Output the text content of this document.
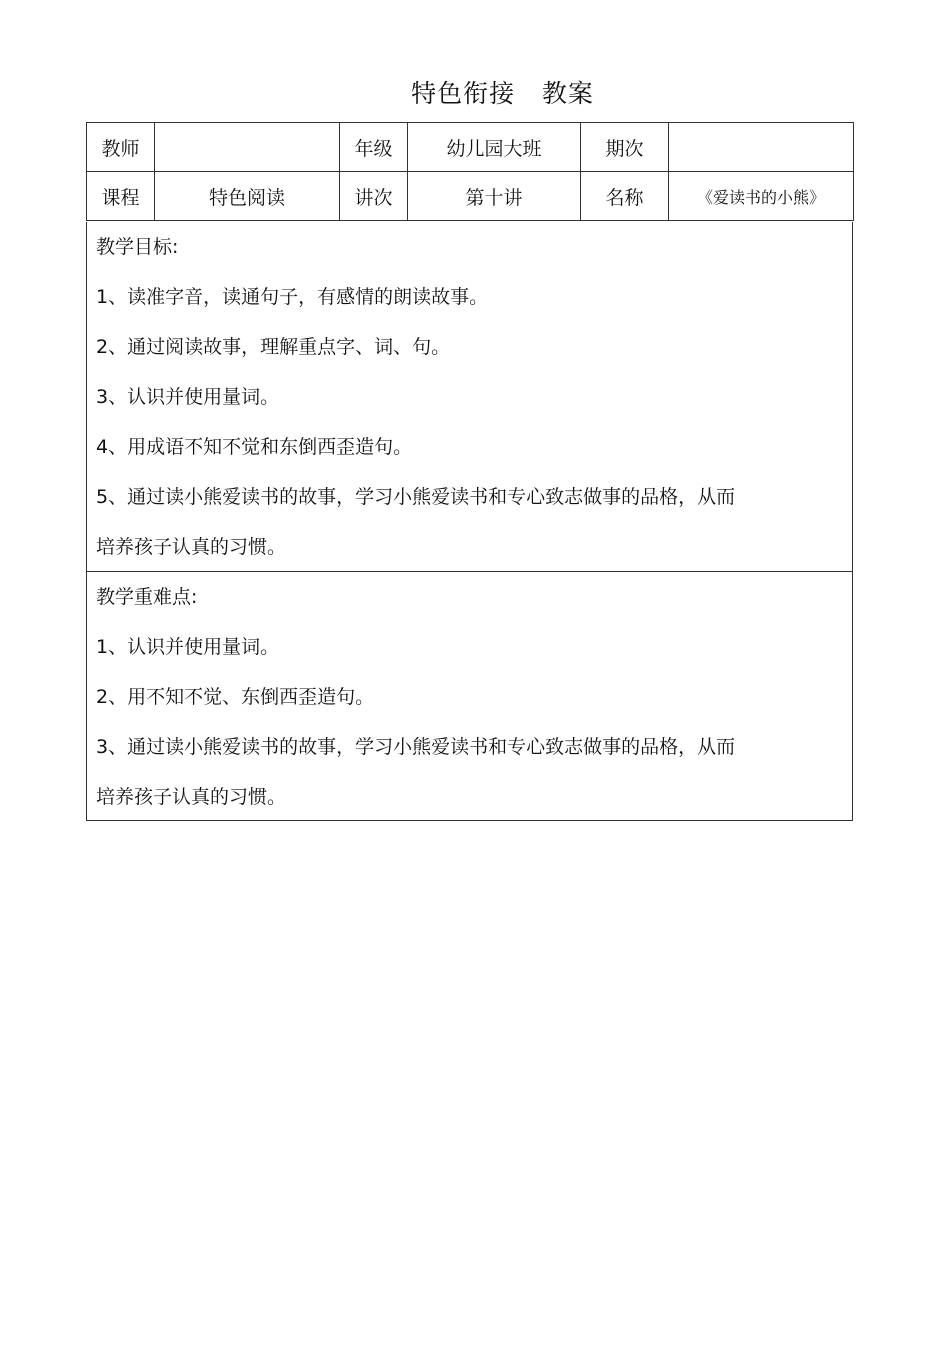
特色衔接   教案
教师		年级	幼儿园大班	期次	
课程	特色阅读	讲次	第十讲	名称	《爱读书的小熊》
教学目标:
1、读准字音，读通句子，有感情的朗读故事。
2、通过阅读故事，理解重点字、词、句。
3、认识并使用量词。
4、用成语不知不觉和东倒西歪造句。
5、通过读小熊爱读书的故事，学习小熊爱读书和专心致志做事的品格，从而
培养孩子认真的习惯。
教学重难点:
1、认识并使用量词。
2、用不知不觉、东倒西歪造句。
3、通过读小熊爱读书的故事，学习小熊爱读书和专心致志做事的品格，从而
培养孩子认真的习惯。
